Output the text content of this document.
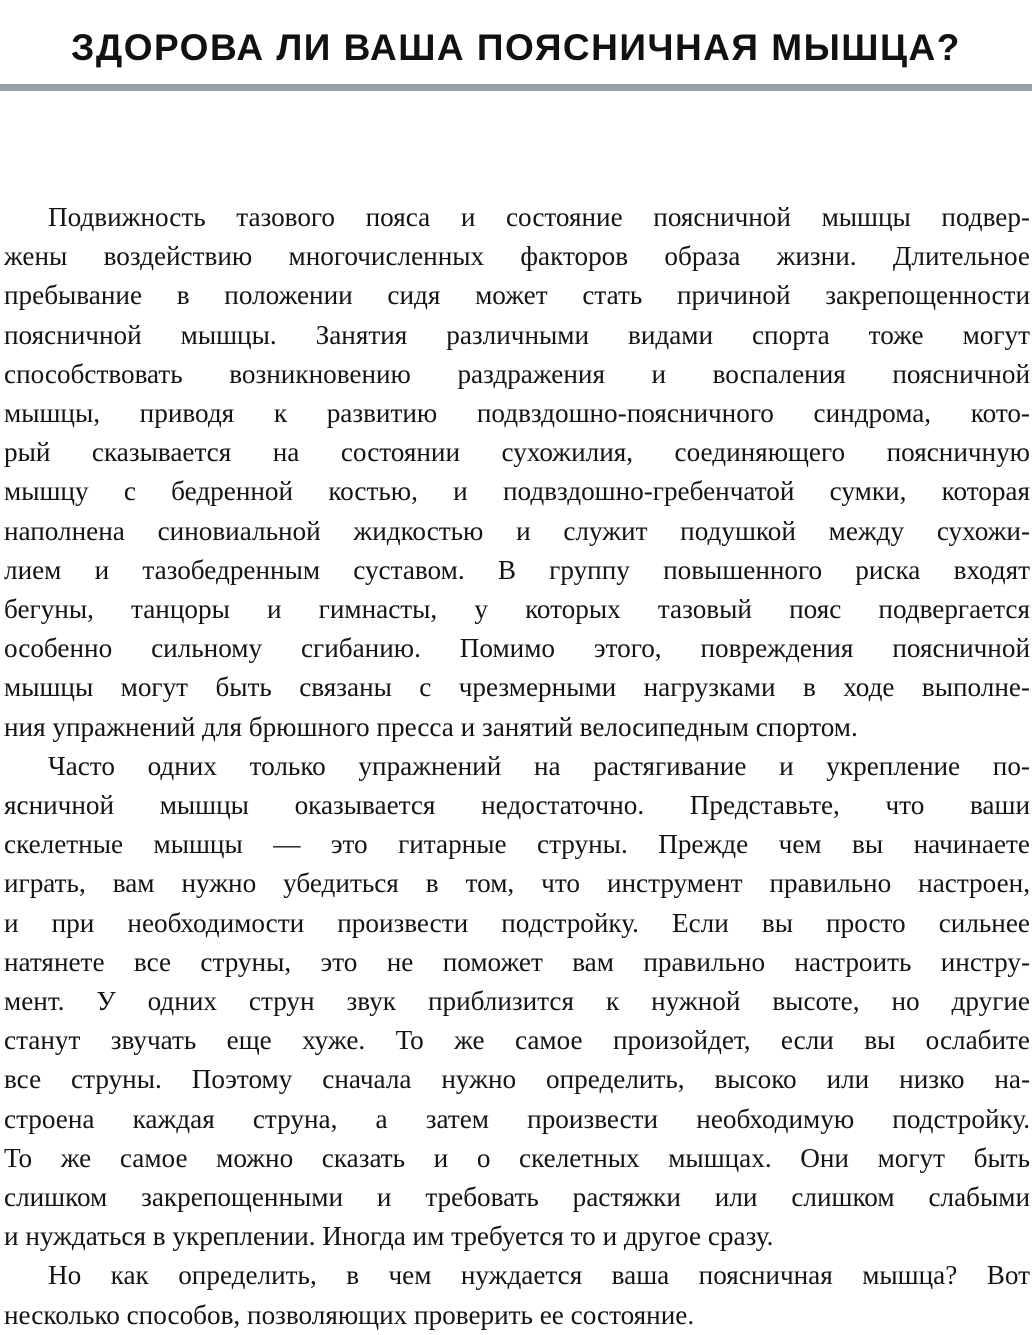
ЗДОРОВА ЛИ ВАША ПОЯСНИЧНАЯ МЫШЦА?
Подвижность тазового пояса и состояние поясничной мышцы подвер-
жены воздействию многочисленных факторов образа жизни. Длительное
пребывание в положении сидя может стать причиной закрепощенности
поясничной мышцы. Занятия различными видами спорта тоже могут
способствовать возникновению раздражения и воспаления поясничной
мышцы, приводя к развитию подвздошно-поясничного синдрома, кото-
рый сказывается на состоянии сухожилия, соединяющего поясничную
мышцу с бедренной костью, и подвздошно-гребенчатой сумки, которая
наполнена синовиальной жидкостью и служит подушкой между сухожи-
лием и тазобедренным суставом. В группу повышенного риска входят
бегуны, танцоры и гимнасты, у которых тазовый пояс подвергается
особенно сильному сгибанию. Помимо этого, повреждения поясничной
мышцы могут быть связаны с чрезмерными нагрузками в ходе выполне-
ния упражнений для брюшного пресса и занятий велосипедным спортом.
Часто одних только упражнений на растягивание и укрепление по-
ясничной мышцы оказывается недостаточно. Представьте, что ваши
скелетные мышцы — это гитарные струны. Прежде чем вы начинаете
играть, вам нужно убедиться в том, что инструмент правильно настроен,
и при необходимости произвести подстройку. Если вы просто сильнее
натянете все струны, это не поможет вам правильно настроить инстру-
мент. У одних струн звук приблизится к нужной высоте, но другие
станут звучать еще хуже. То же самое произойдет, если вы ослабите
все струны. Поэтому сначала нужно определить, высоко или низко на-
строена каждая струна, а затем произвести необходимую подстройку.
То же самое можно сказать и о скелетных мышцах. Они могут быть
слишком закрепощенными и требовать растяжки или слишком слабыми
и нуждаться в укреплении. Иногда им требуется то и другое сразу.
Но как определить, в чем нуждается ваша поясничная мышца? Вот
несколько способов, позволяющих проверить ее состояние.
